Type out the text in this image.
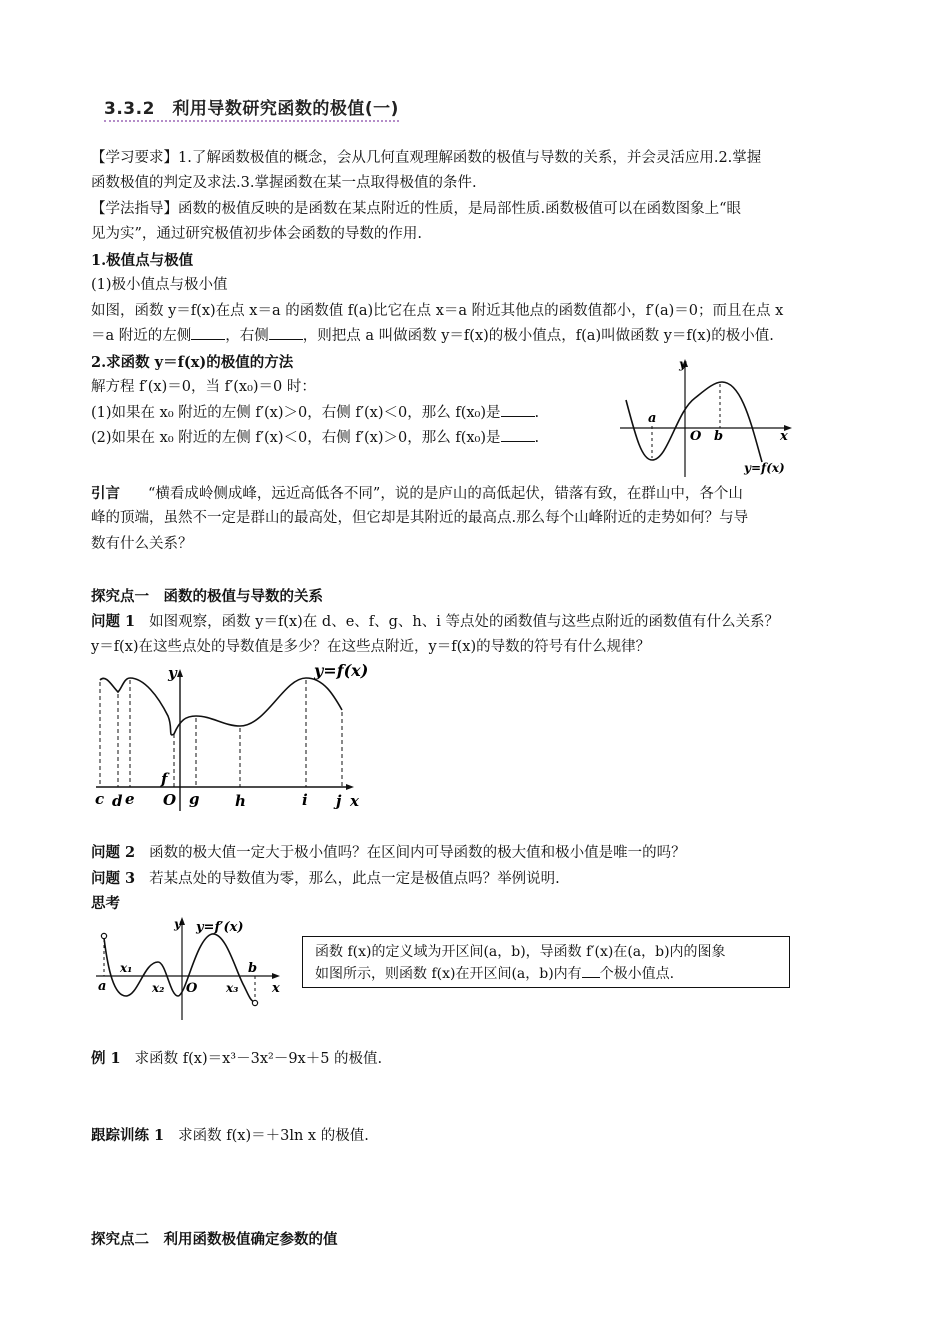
3.3.2　利用导数研究函数的极值(一)
【学习要求】1.了解函数极值的概念，会从几何直观理解函数的极值与导数的关系，并会灵活应用.2.掌握
函数极值的判定及求法.3.掌握函数在某一点取得极值的条件.
【学法指导】函数的极值反映的是函数在某点附近的性质，是局部性质.函数极值可以在函数图象上“眼
见为实”，通过研究极值初步体会函数的导数的作用.
1.极值点与极值
(1)极小值点与极小值
如图，函数 y＝f(x)在点 x＝a 的函数值 f(a)比它在点 x＝a 附近其他点的函数值都小，f′(a)＝0；而且在点 x
＝a 附近的左侧 ，右侧 ，则把点 a 叫做函数 y＝f(x)的极小值点，f(a)叫做函数 y＝f(x)的极小值.
2.求函数 y＝f(x)的极值的方法
解方程 f′(x)＝0，当 f′(x₀)＝0 时：
(1)如果在 x₀ 附近的左侧 f′(x)＞0，右侧 f′(x)＜0，那么 f(x₀)是 .
(2)如果在 x₀ 附近的左侧 f′(x)＜0，右侧 f′(x)＞0，那么 f(x₀)是 .
y
x
O
a
b
y=f(x)
引言 “横看成岭侧成峰，远近高低各不同”，说的是庐山的高低起伏，错落有致，在群山中，各个山
峰的顶端，虽然不一定是群山的最高处，但它却是其附近的最高点.那么每个山峰附近的走势如何？与导
数有什么关系？
探究点一　函数的极值与导数的关系
问题 1 如图观察，函数 y＝f(x)在 d、e、f、g、h、i 等点处的函数值与这些点附近的函数值有什么关系？
y＝f(x)在这些点处的导数值是多少？在这些点附近，y＝f(x)的导数的符号有什么规律？
y
x
y=f(x)
c d e O
f
g h	i j
问题 2 函数的极大值一定大于极小值吗？在区间内可导函数的极大值和极小值是唯一的吗？
问题 3 若某点处的导数值为零，那么，此点一定是极值点吗？举例说明.
思考
y
x
y=f′(x)
a
b
O
x₁
x₂	x₃
函数 f(x)的定义域为开区间(a，b)，导函数 f′(x)在(a，b)内的图象
如图所示，则函数 f(x)在开区间(a，b)内有 个极小值点.
例 1 求函数 f(x)＝x³－3x²－9x＋5 的极值.
跟踪训练 1 求函数 f(x)＝＋3ln x 的极值.
探究点二　利用函数极值确定参数的值
